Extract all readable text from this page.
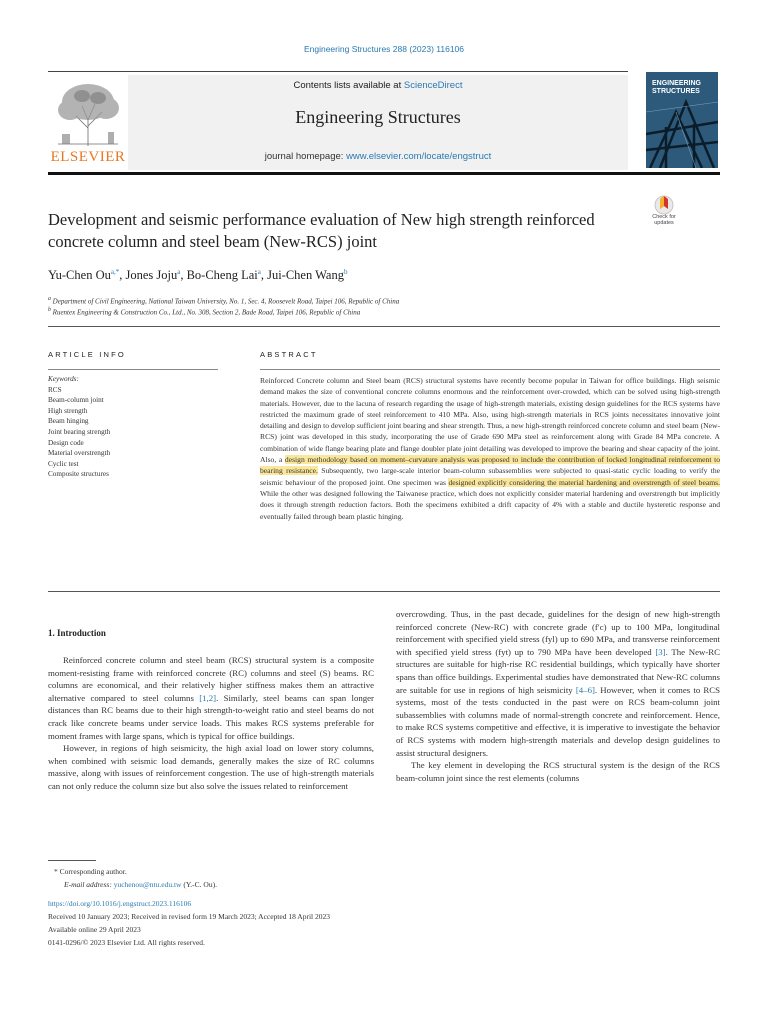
Engineering Structures 288 (2023) 116106
ELSEVIER
Contents lists available at ScienceDirect
Engineering Structures
journal homepage: www.elsevier.com/locate/engstruct
ENGINEERING
STRUCTURES
Development and seismic performance evaluation of New high strength reinforced concrete column and steel beam (New-RCS) joint
Check for
updates
Yu-Chen $Ou^{a,*}$, Jones Joju$^a$, Bo-Cheng Lai$^a$, Jui-Chen Wang$^b$
$^a$ Department of Civil Engineering, National Taiwan University, No. 1, Sec. 4, Roosevelt Road, Taipei 106, Republic of China
$^b$ Ruentex Engineering & Construction Co., Ltd., No. 308, Section 2, Bade Road, Taipei 106, Republic of China
ARTICLE INFO	ABSTRACT
Keywords:
RCS
Beam-column joint
High strength
Beam hinging
Joint bearing strength
Design code
Material overstrength
Cyclic test
Composite structures
Reinforced Concrete column and Steel beam (RCS) structural systems have recently become popular in Taiwan for office buildings. High seismic demand makes the size of conventional concrete columns enormous and the reinforcement over-crowded, which can be solved using high-strength materials. However, due to the lacuna of research regarding the usage of high-strength materials, existing design guidelines for the RCS systems have restricted the maximum grade of steel reinforcement to 410 MPa. Also, using high-strength materials in RCS joints necessitates innovative joint detailing and design to develop sufficient joint bearing and shear strength. Thus, a new high-strength reinforced concrete column and steel beam (New-RCS) joint was developed in this study, incorporating the use of Grade 690 MPa steel as reinforcement along with Grade 84 MPa concrete. A combination of wide flange bearing plate and flange doubler plate joint detailing was developed to improve the bearing and shear capacity of the joint. Also, a design methodology based on moment–curvature analysis was proposed to include the contribution of locked longitudinal reinforcement to bearing resistance. Subsequently, two large-scale interior beam-column subassemblies were subjected to quasi-static cyclic loading to verify the seismic behaviour of the proposed joint. One specimen was designed explicitly considering the material hardening and overstrength of steel beams. While the other was designed following the Taiwanese practice, which does not explicitly consider material hardening and overstrength but implicitly does it through strength reduction factors. Both the specimens exhibited a drift capacity of 4% with a stable and ductile hysteretic response and eventually failed through beam plastic hinging.
1. Introduction

Reinforced concrete column and steel beam (RCS) structural system is a composite moment-resisting frame with reinforced concrete (RC) columns and steel (S) beams. RC columns are economical, and their relatively higher stiffness makes them an attractive alternative compared to steel columns [1,2]. Similarly, steel beams can span longer distances than RC beams due to their high strength-to-weight ratio and steel beams do not crack like concrete beams under service loads. This makes RCS systems preferable for moment frames with large spans, which is typical for office buildings.

However, in regions of high seismicity, the high axial load on lower story columns, when combined with seismic load demands, generally makes the size of RC columns massive, along with issues of reinforcement congestion. The use of high-strength materials can not only reduce the column size but also solve the issues related to reinforcement

overcrowding. Thus, in the past decade, guidelines for the design of new high-strength reinforced concrete (New-RC) with concrete grade (f′c) up to 100 MPa, longitudinal reinforcement with specified yield stress (fyl) up to 690 MPa, and transverse reinforcement with specified yield stress (fyt) up to 790 MPa have been developed [3]. The New-RC structures are suitable for high-rise RC residential buildings, which typically have shorter spans than office buildings. Experimental studies have demonstrated that New-RC columns are suitable for use in regions of high seismicity [4–6]. However, when it comes to RCS systems, most of the tests conducted in the past were on RCS beam-column joint subassemblies with columns made of normal-strength concrete and reinforcement. Hence, to make RCS systems competitive and effective, it is imperative to investigate the behavior of RCS systems with modern high-strength materials and develop design guidelines to assist structural designers.

The key element in developing the RCS structural system is the design of the RCS beam-column joint since the rest elements (columns

* Corresponding author.
E-mail address: yuchenou@ntu.edu.tw (Y.-C. Ou).
https://doi.org/10.1016/j.engstruct.2023.116106
Received 10 January 2023; Received in revised form 19 March 2023; Accepted 18 April 2023
Available online 29 April 2023
0141-0296/© 2023 Elsevier Ltd. All rights reserved.
